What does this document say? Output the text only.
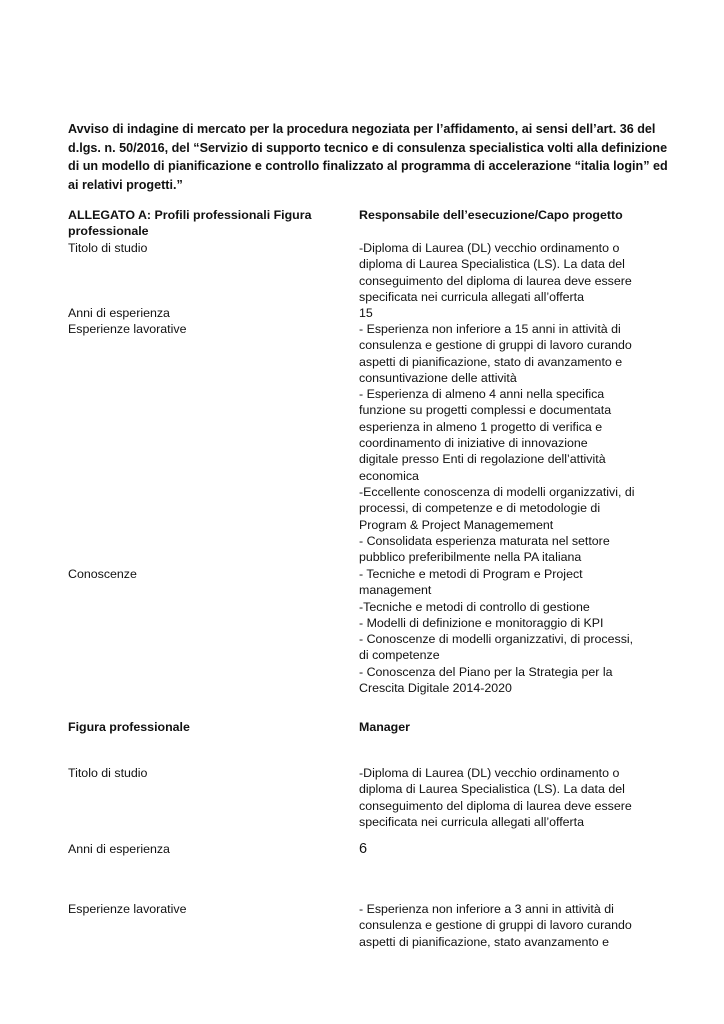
Avviso di indagine di mercato per la procedura negoziata per l’affidamento, ai sensi dell’art. 36 del
d.lgs. n. 50/2016, del “Servizio di supporto tecnico e di consulenza specialistica volti alla definizione
di un modello di pianificazione e controllo finalizzato al programma di accelerazione “italia login” ed
ai relativi progetti.”
ALLEGATO A: Profili professionali Figura
professionale
Responsabile dell’esecuzione/Capo progetto
Titolo di studio	-Diploma di Laurea (DL) vecchio ordinamento o
diploma di Laurea Specialistica (LS). La data del
conseguimento del diploma di laurea deve essere
specificata nei curricula allegati all’offerta
Anni di esperienza	15
Esperienze lavorative	- Esperienza non inferiore a 15 anni in attività di
consulenza e gestione di gruppi di lavoro curando
aspetti di pianificazione, stato di avanzamento e
consuntivazione delle attività
- Esperienza di almeno 4 anni nella specifica
funzione su progetti complessi e documentata
esperienza in almeno 1 progetto di verifica e
coordinamento di iniziative di innovazione
digitale presso Enti di regolazione dell’attività
economica
-Eccellente conoscenza di modelli organizzativi, di
processi, di competenze e di metodologie di
Program & Project Managemement
- Consolidata esperienza maturata nel settore
pubblico preferibilmente nella PA italiana
Conoscenze	- Tecniche e metodi di Program e Project
management
-Tecniche e metodi di controllo di gestione
- Modelli di definizione e monitoraggio di KPI
- Conoscenze di modelli organizzativi, di processi,
di competenze
- Conoscenza del Piano per la Strategia per la
Crescita Digitale 2014-2020
Figura professionale	Manager
Titolo di studio	-Diploma di Laurea (DL) vecchio ordinamento o
diploma di Laurea Specialistica (LS). La data del
conseguimento del diploma di laurea deve essere
specificata nei curricula allegati all’offerta
Anni di esperienza	6
Esperienze lavorative	- Esperienza non inferiore a 3 anni in attività di
consulenza e gestione di gruppi di lavoro curando
aspetti di pianificazione, stato avanzamento e
